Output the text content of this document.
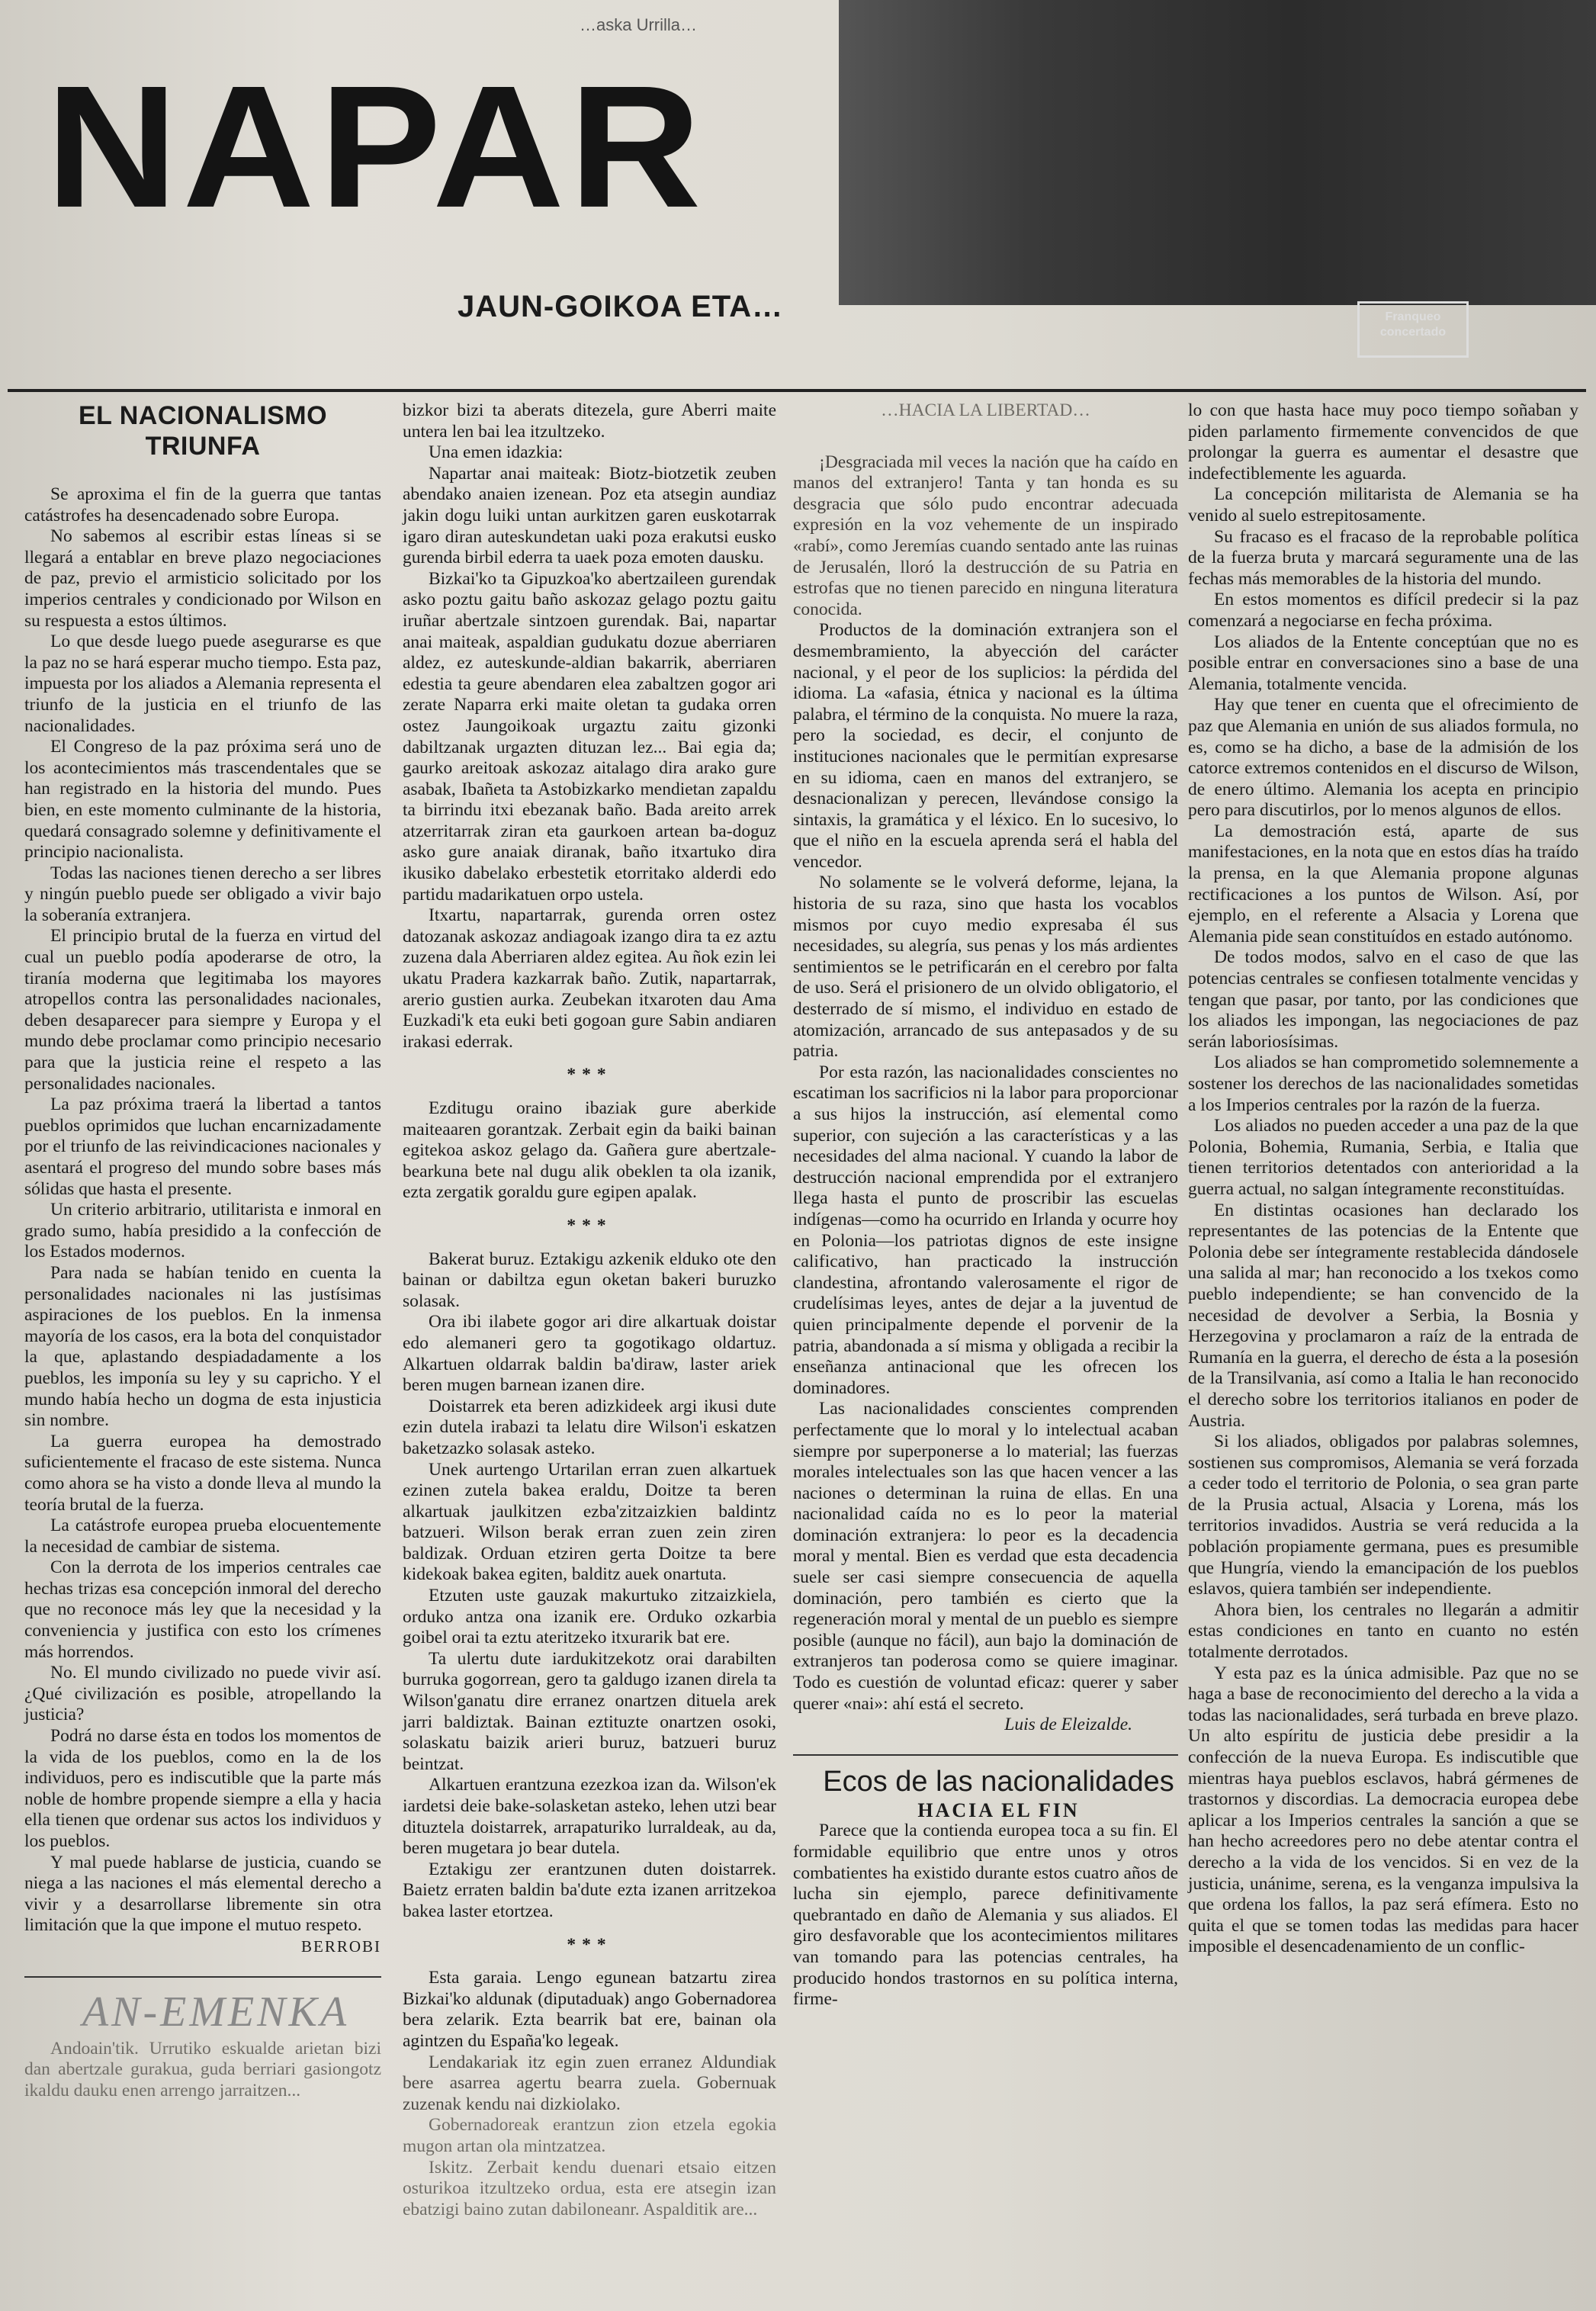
…aska Urrilla…
NAPAR
JAUN-GOIKOA ETA…	Franqueo concertado
EL NACIONALISMO TRIUNFA

Se aproxima el fin de la guerra que tantas catástrofes ha desencadenado sobre Europa.

No sabemos al escribir estas líneas si se llegará a entablar en breve plazo negociaciones de paz, previo el armisticio solicitado por los imperios centrales y condicionado por Wilson en su respuesta a estos últimos.

Lo que desde luego puede asegurarse es que la paz no se hará esperar mucho tiempo. Esta paz, impuesta por los aliados a Alemania representa el triunfo de la justicia en el triunfo de las nacionalidades.

El Congreso de la paz próxima será uno de los acontecimientos más trascendentales que se han registrado en la historia del mundo. Pues bien, en este momento culminante de la historia, quedará consagrado solemne y definitivamente el principio nacionalista.

Todas las naciones tienen derecho a ser libres y ningún pueblo puede ser obligado a vivir bajo la soberanía extranjera.

El principio brutal de la fuerza en virtud del cual un pueblo podía apoderarse de otro, la tiranía moderna que legitimaba los mayores atropellos contra las personalidades nacionales, deben desaparecer para siempre y Europa y el mundo debe proclamar como principio necesario para que la justicia reine el respeto a las personalidades nacionales.

La paz próxima traerá la libertad a tantos pueblos oprimidos que luchan encarnizadamente por el triunfo de las reivindicaciones nacionales y asentará el progreso del mundo sobre bases más sólidas que hasta el presente.

Un criterio arbitrario, utilitarista e inmoral en grado sumo, había presidido a la confección de los Estados modernos.

Para nada se habían tenido en cuenta la personalidades nacionales ni las justísimas aspiraciones de los pueblos. En la inmensa mayoría de los casos, era la bota del conquistador la que, aplastando despiadadamente a los pueblos, les imponía su ley y su capricho. Y el mundo había hecho un dogma de esta injusticia sin nombre.

La guerra europea ha demostrado suficientemente el fracaso de este sistema. Nunca como ahora se ha visto a donde lleva al mundo la teoría brutal de la fuerza.

La catástrofe europea prueba elocuentemente la necesidad de cambiar de sistema.

Con la derrota de los imperios centrales cae hechas trizas esa concepción inmoral del derecho que no reconoce más ley que la necesidad y la conveniencia y justifica con esto los crímenes más horrendos.

No. El mundo civilizado no puede vivir así. ¿Qué civilización es posible, atropellando la justicia?

Podrá no darse ésta en todos los momentos de la vida de los pueblos, como en la de los individuos, pero es indiscutible que la parte más noble de hombre propende siempre a ella y hacia ella tienen que ordenar sus actos los individuos y los pueblos.

Y mal puede hablarse de justicia, cuando se niega a las naciones el más elemental derecho a vivir y a desarrollarse libremente sin otra limitación que la que impone el mutuo respeto.

BERROBI

AN-EMENKA

Andoain'tik. Urrutiko eskualde arietan bizi dan abertzale gurakua, guda berriari gasiongotz ikaldu dauku enen arrengo jarraitzen...

bizkor bizi ta aberats ditezela, gure Aberri maite untera len bai lea itzultzeko.

Una emen idazkia:

Napartar anai maiteak: Biotz-biotzetik zeuben abendako anaien izenean. Poz eta atsegin aundiaz jakin dogu luiki untan aurkitzen garen euskotarrak igaro diran auteskundetan uaki poza erakutsi eusko gurenda birbil ederra ta uaek poza emoten dausku.

Bizkai'ko ta Gipuzkoa'ko abertzaileen gurendak asko poztu gaitu baño askozaz gelago poztu gaitu iruñar abertzale sintzoen gurendak. Bai, napartar anai maiteak, aspaldian gudukatu dozue aberriaren aldez, ez auteskunde-aldian bakarrik, aberriaren edestia ta geure abendaren elea zabaltzen gogor ari zerate Naparra erki maite oletan ta gudaka orren ostez Jaungoikoak urgaztu zaitu gizonki dabiltzanak urgazten dituzan lez... Bai egia da; gaurko areitoak askozaz aitalago dira arako gure asabak, Ibañeta ta Astobizkarko mendietan zapaldu ta birrindu itxi ebezanak baño. Bada areito arrek atzerritarrak ziran eta gaurkoen artean ba-doguz asko gure anaiak diranak, baño itxartuko dira ikusiko dabelako erbestetik etorritako alderdi edo partidu madarikatuen orpo ustela.

Itxartu, napartarrak, gurenda orren ostez datozanak askozaz andiagoak izango dira ta ez aztu zuzena dala Aberriaren aldez egitea. Au ñok ezin lei ukatu Pradera kazkarrak baño. Zutik, napartarrak, arerio gustien aurka. Zeubekan itxaroten dau Ama Euzkadi'k eta euki beti gogoan gure Sabin andiaren irakasi ederrak.

***

Ezditugu oraino ibaziak gure aberkide maiteaaren gorantzak. Zerbait egin da baiki bainan egitekoa askoz gelago da. Gañera gure abertzale-bearkuna bete nal dugu alik obeklen ta ola izanik, ezta zergatik goraldu gure egipen apalak.

***

Bakerat buruz. Eztakigu azkenik elduko ote den bainan or dabiltza egun oketan bakeri buruzko solasak.

Ora ibi ilabete gogor ari dire alkartuak doistar edo alemaneri gero ta gogotikago oldartuz. Alkartuen oldarrak baldin ba'diraw, laster ariek beren mugen barnean izanen dire.

Doistarrek eta beren adizkideek argi ikusi dute ezin dutela irabazi ta lelatu dire Wilson'i eskatzen baketzazko solasak asteko.

Unek aurtengo Urtarilan erran zuen alkartuek ezinen zutela bakea eraldu, Doitze ta beren alkartuak jaulkitzen ezba'zitzaizkien baldintz batzueri. Wilson berak erran zuen zein ziren baldizak. Orduan etziren gerta Doitze ta bere kidekoak bakea egiten, balditz auek onartuta.

Etzuten uste gauzak makurtuko zitzaizkiela, orduko antza ona izanik ere. Orduko ozkarbia goibel orai ta eztu ateritzeko itxurarik bat ere.

Ta ulertu dute iardukitzekotz orai darabilten burruka gogorrean, gero ta galdugo izanen direla ta Wilson'ganatu dire erranez onartzen dituela arek jarri baldiztak. Bainan eztituzte onartzen osoki, solaskatu baizik arieri buruz, batzueri buruz beintzat.

Alkartuen erantzuna ezezkoa izan da. Wilson'ek iardetsi deie bake-solasketan asteko, lehen utzi bear dituztela doistarrek, arrapaturiko lurraldeak, au da, beren mugetara jo bear dutela.

Eztakigu zer erantzunen duten doistarrek. Baietz erraten baldin ba'dute ezta izanen arritzekoa bakea laster etortzea.

***

Esta garaia. Lengo egunean batzartu zirea Bizkai'ko aldunak (diputaduak) ango Gobernadorea bera zelarik. Ezta bearrik bat ere, bainan ola agintzen du España'ko legeak.

Lendakariak itz egin zuen erranez Aldundiak bere asarrea agertu bearra zuela. Gobernuak zuzenak kendu nai dizkiolako.

Gobernadoreak erantzun zion etzela egokia mugon artan ola mintzatzea.

Iskitz. Zerbait kendu duenari etsaio eitzen osturikoa itzultzeko ordua, esta ere atsegin izan ebatzigi baino zutan dabiloneanr. Aspalditik are...

…HACIA LA LIBERTAD…

¡Desgraciada mil veces la nación que ha caído en manos del extranjero! Tanta y tan honda es su desgracia que sólo pudo encontrar adecuada expresión en la voz vehemente de un inspirado «rabí», como Jeremías cuando sentado ante las ruinas de Jerusalén, lloró la destrucción de su Patria en estrofas que no tienen parecido en ninguna literatura conocida.

Productos de la dominación extranjera son el desmembramiento, la abyección del carácter nacional, y el peor de los suplicios: la pérdida del idioma. La «afasia, étnica y nacional es la última palabra, el término de la conquista. No muere la raza, pero la sociedad, es decir, el conjunto de instituciones nacionales que le permitían expresarse en su idioma, caen en manos del extranjero, se desnacionalizan y perecen, llevándose consigo la sintaxis, la gramática y el léxico. En lo sucesivo, lo que el niño en la escuela aprenda será el habla del vencedor.

No solamente se le volverá deforme, lejana, la historia de su raza, sino que hasta los vocablos mismos por cuyo medio expresaba él sus necesidades, su alegría, sus penas y los más ardientes sentimientos se le petrificarán en el cerebro por falta de uso. Será el prisionero de un olvido obligatorio, el desterrado de sí mismo, el individuo en estado de atomización, arrancado de sus antepasados y de su patria.

Por esta razón, las nacionalidades conscientes no escatiman los sacrificios ni la labor para proporcionar a sus hijos la instrucción, así elemental como superior, con sujeción a las características y a las necesidades del alma nacional. Y cuando la labor de destrucción nacional emprendida por el extranjero llega hasta el punto de proscribir las escuelas indígenas—como ha ocurrido en Irlanda y ocurre hoy en Polonia—los patriotas dignos de este insigne calificativo, han practicado la instrucción clandestina, afrontando valerosamente el rigor de crudelísimas leyes, antes de dejar a la juventud de quien principalmente depende el porvenir de la patria, abandonada a sí misma y obligada a recibir la enseñanza antinacional que les ofrecen los dominadores.

Las nacionalidades conscientes comprenden perfectamente que lo moral y lo intelectual acaban siempre por superponerse a lo material; las fuerzas morales intelectuales son las que hacen vencer a las naciones o determinan la ruina de ellas. En una nacionalidad caída no es lo peor la material dominación extranjera: lo peor es la decadencia moral y mental. Bien es verdad que esta decadencia suele ser casi siempre consecuencia de aquella dominación, pero también es cierto que la regeneración moral y mental de un pueblo es siempre posible (aunque no fácil), aun bajo la dominación de extranjeros tan poderosa como se quiere imaginar. Todo es cuestión de voluntad eficaz: querer y saber querer «nai»: ahí está el secreto.

Luis de Eleizalde.

Ecos de las nacionalidades

HACIA EL FIN

Parece que la contienda europea toca a su fin. El formidable equilibrio que entre unos y otros combatientes ha existido durante estos cuatro años de lucha sin ejemplo, parece definitivamente quebrantado en daño de Alemania y sus aliados. El giro desfavorable que los acontecimientos militares van tomando para las potencias centrales, ha producido hondos trastornos en su política interna, firme-

lo con que hasta hace muy poco tiempo soñaban y piden parlamento firmemente convencidos de que prolongar la guerra es aumentar el desastre que indefectiblemente les aguarda.

La concepción militarista de Alemania se ha venido al suelo estrepitosamente.

Su fracaso es el fracaso de la reprobable política de la fuerza bruta y marcará seguramente una de las fechas más memorables de la historia del mundo.

En estos momentos es difícil predecir si la paz comenzará a negociarse en fecha próxima.

Los aliados de la Entente conceptúan que no es posible entrar en conversaciones sino a base de una Alemania, totalmente vencida.

Hay que tener en cuenta que el ofrecimiento de paz que Alemania en unión de sus aliados formula, no es, como se ha dicho, a base de la admisión de los catorce extremos contenidos en el discurso de Wilson, de enero último. Alemania los acepta en principio pero para discutirlos, por lo menos algunos de ellos.

La demostración está, aparte de sus manifestaciones, en la nota que en estos días ha traído la prensa, en la que Alemania propone algunas rectificaciones a los puntos de Wilson. Así, por ejemplo, en el referente a Alsacia y Lorena que Alemania pide sean constituídos en estado autónomo.

De todos modos, salvo en el caso de que las potencias centrales se confiesen totalmente vencidas y tengan que pasar, por tanto, por las condiciones que los aliados les impongan, las negociaciones de paz serán laboriosísimas.

Los aliados se han comprometido solemnemente a sostener los derechos de las nacionalidades sometidas a los Imperios centrales por la razón de la fuerza.

Los aliados no pueden acceder a una paz de la que Polonia, Bohemia, Rumania, Serbia, e Italia que tienen territorios detentados con anterioridad a la guerra actual, no salgan íntegramente reconstituídas.

En distintas ocasiones han declarado los representantes de las potencias de la Entente que Polonia debe ser íntegramente restablecida dándosele una salida al mar; han reconocido a los txekos como pueblo independiente; se han convencido de la necesidad de devolver a Serbia, la Bosnia y Herzegovina y proclamaron a raíz de la entrada de Rumanía en la guerra, el derecho de ésta a la posesión de la Transilvania, así como a Italia le han reconocido el derecho sobre los territorios italianos en poder de Austria.

Si los aliados, obligados por palabras solemnes, sostienen sus compromisos, Alemania se verá forzada a ceder todo el territorio de Polonia, o sea gran parte de la Prusia actual, Alsacia y Lorena, más los territorios invadidos. Austria se verá reducida a la población propiamente germana, pues es presumible que Hungría, viendo la emancipación de los pueblos eslavos, quiera también ser independiente.

Ahora bien, los centrales no llegarán a admitir estas condiciones en tanto en cuanto no estén totalmente derrotados.

Y esta paz es la única admisible. Paz que no se haga a base de reconocimiento del derecho a la vida a todas las nacionalidades, será turbada en breve plazo. Un alto espíritu de justicia debe presidir a la confección de la nueva Europa. Es indiscutible que mientras haya pueblos esclavos, habrá gérmenes de trastornos y discordias. La democracia europea debe aplicar a los Imperios centrales la sanción a que se han hecho acreedores pero no debe atentar contra el derecho a la vida de los vencidos. Si en vez de la justicia, unánime, serena, es la venganza impulsiva la que ordena los fallos, la paz será efímera. Esto no quita el que se tomen todas las medidas para hacer imposible el desencadenamiento de un conflic-
